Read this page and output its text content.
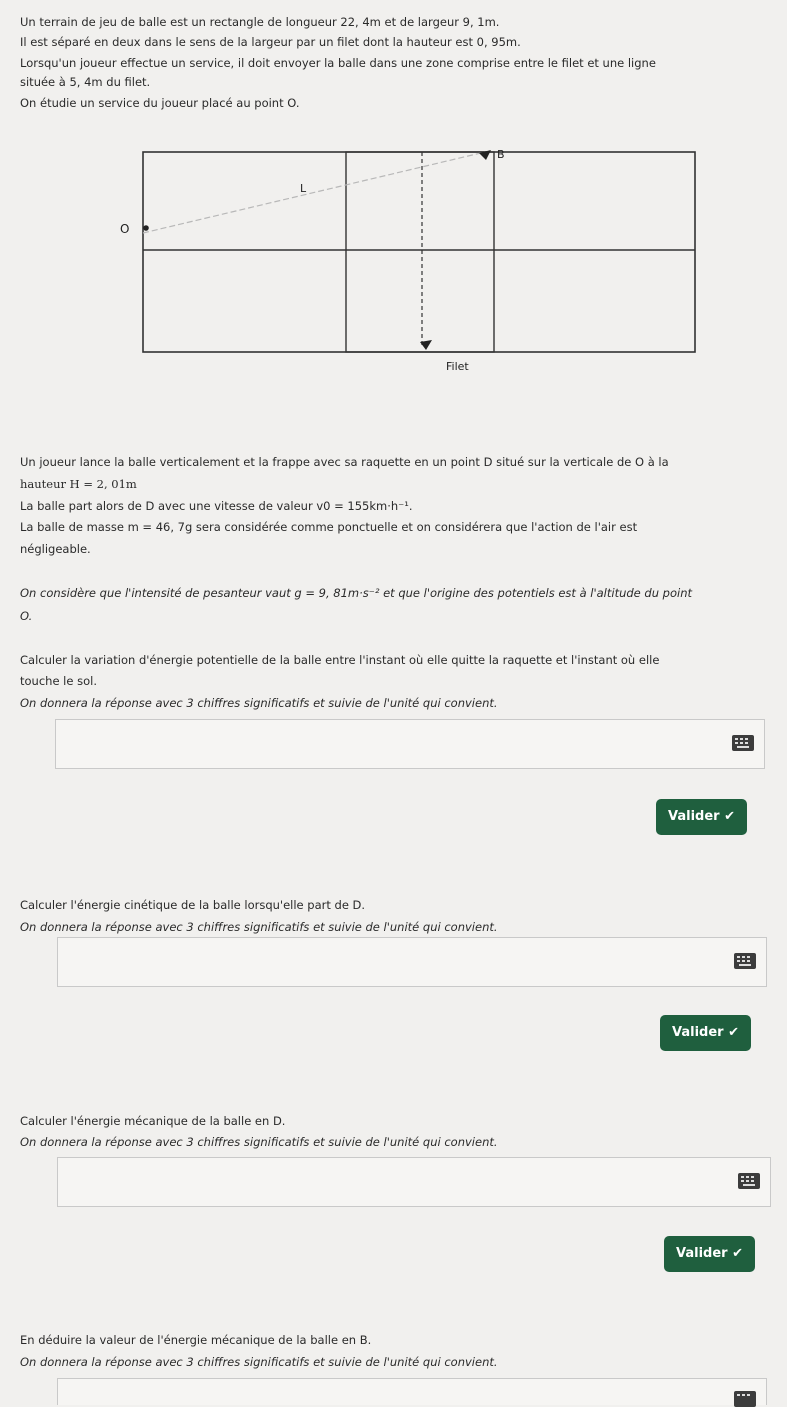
Un terrain de jeu de balle est un rectangle de longueur 22, 4m et de largeur 9, 1m.

Il est séparé en deux dans le sens de la largeur par un filet dont la hauteur est 0, 95m.

Lorsqu'un joueur effectue un service, il doit envoyer la balle dans une zone comprise entre le filet et une ligne

située à 5, 4m du filet.

On étudie un service du joueur placé au point O.

O
L
B
Filet

Un joueur lance la balle verticalement et la frappe avec sa raquette en un point D situé sur la verticale de O à la

hauteur H = 2, 01m

La balle part alors de D avec une vitesse de valeur v0 = 155km·h⁻¹.

La balle de masse m = 46, 7g sera considérée comme ponctuelle et on considérera que l'action de l'air est

négligeable.

On considère que l'intensité de pesanteur vaut g = 9, 81m·s⁻² et que l'origine des potentiels est à l'altitude du point

O.

Calculer la variation d'énergie potentielle de la balle entre l'instant où elle quitte la raquette et l'instant où elle

touche le sol.

On donnera la réponse avec 3 chiffres significatifs et suivie de l'unité qui convient.

Valider ✔

Calculer l'énergie cinétique de la balle lorsqu'elle part de D.

On donnera la réponse avec 3 chiffres significatifs et suivie de l'unité qui convient.

Valider ✔

Calculer l'énergie mécanique de la balle en D.

On donnera la réponse avec 3 chiffres significatifs et suivie de l'unité qui convient.

Valider ✔

En déduire la valeur de l'énergie mécanique de la balle en B.

On donnera la réponse avec 3 chiffres significatifs et suivie de l'unité qui convient.
